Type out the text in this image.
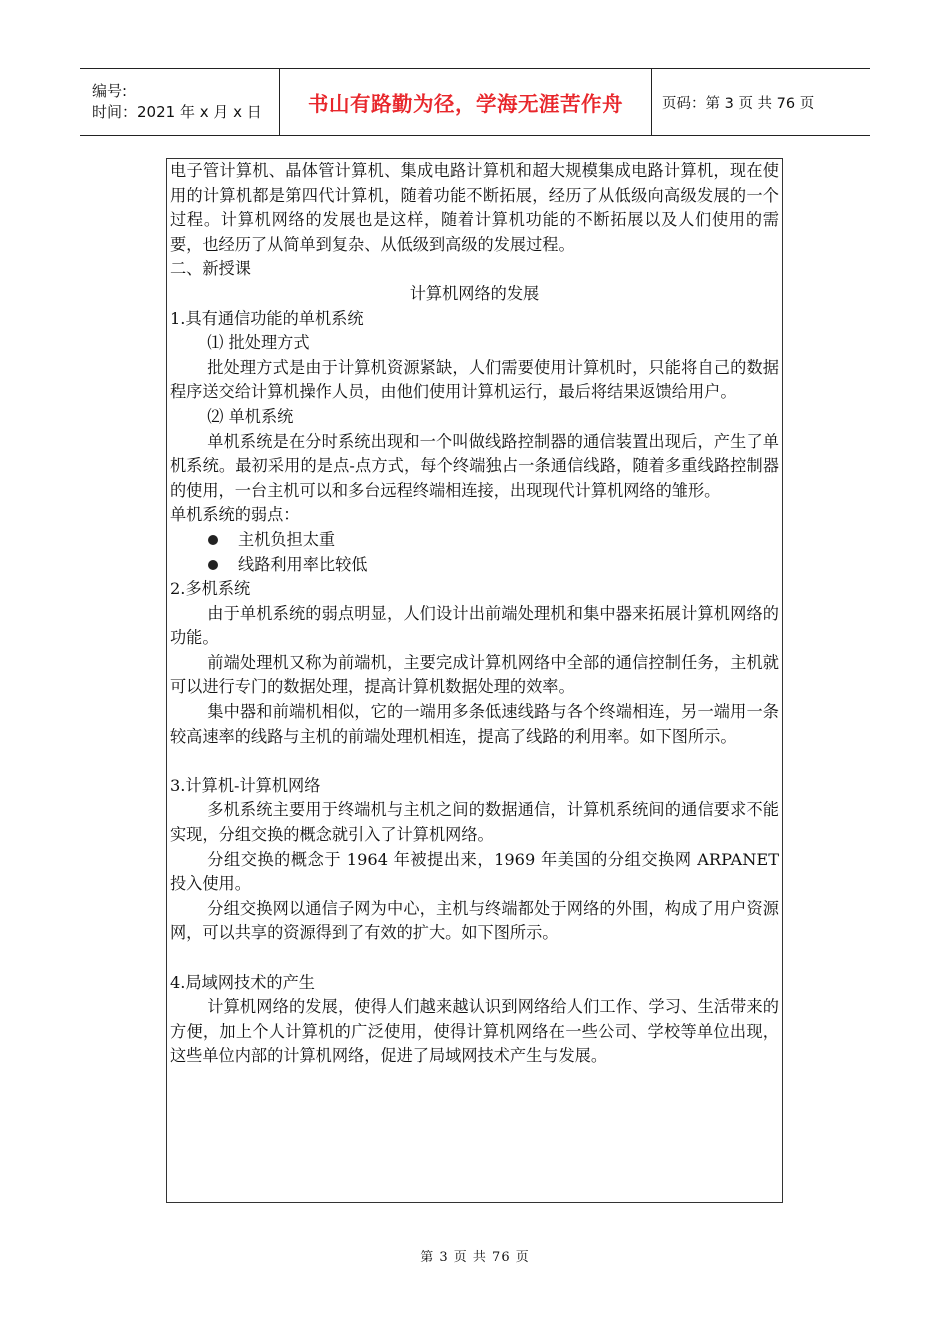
编号:
时间：2021 年 x 月 x 日	书山有路勤为径，学海无涯苦作舟	页码：第 3 页 共 76 页

电子管计算机、晶体管计算机、集成电路计算机和超大规模集成电路计算机，现在使用的计算机都是第四代计算机，随着功能不断拓展，经历了从低级向高级发展的一个过程。计算机网络的发展也是这样，随着计算机功能的不断拓展以及人们使用的需要，也经历了从简单到复杂、从低级到高级的发展过程。

二、新授课

计算机网络的发展

1.具有通信功能的单机系统

⑴ 批处理方式

批处理方式是由于计算机资源紧缺，人们需要使用计算机时，只能将自己的数据程序送交给计算机操作人员，由他们使用计算机运行，最后将结果返馈给用户。

⑵ 单机系统

单机系统是在分时系统出现和一个叫做线路控制器的通信装置出现后，产生了单机系统。最初采用的是点-点方式，每个终端独占一条通信线路，随着多重线路控制器的使用，一台主机可以和多台远程终端相连接，出现现代计算机网络的雏形。

单机系统的弱点：

主机负担太重
线路利用率比较低

2.多机系统

由于单机系统的弱点明显，人们设计出前端处理机和集中器来拓展计算机网络的功能。

前端处理机又称为前端机，主要完成计算机网络中全部的通信控制任务，主机就可以进行专门的数据处理，提高计算机数据处理的效率。

集中器和前端机相似，它的一端用多条低速线路与各个终端相连，另一端用一条较高速率的线路与主机的前端处理机相连，提高了线路的利用率。如下图所示。

3.计算机-计算机网络

多机系统主要用于终端机与主机之间的数据通信，计算机系统间的通信要求不能实现，分组交换的概念就引入了计算机网络。

分组交换的概念于 1964 年被提出来，1969 年美国的分组交换网 ARPANET 投入使用。

分组交换网以通信子网为中心，主机与终端都处于网络的外围，构成了用户资源网，可以共享的资源得到了有效的扩大。如下图所示。

4.局域网技术的产生

计算机网络的发展，使得人们越来越认识到网络给人们工作、学习、生活带来的方便，加上个人计算机的广泛使用，使得计算机网络在一些公司、学校等单位出现，这些单位内部的计算机网络，促进了局域网技术产生与发展。

第 3 页 共 76 页
